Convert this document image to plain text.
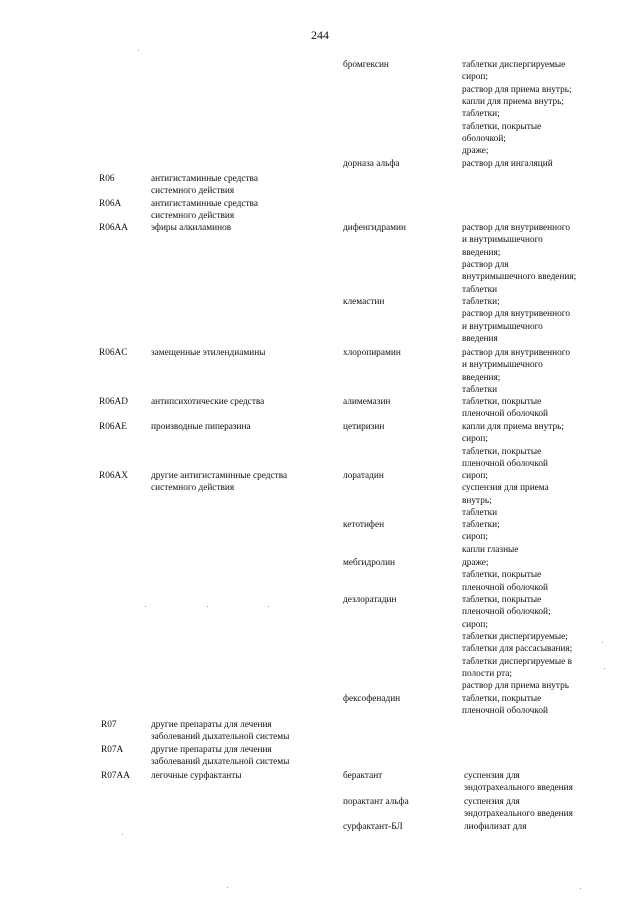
244
бромгексин	таблетки диспергируемые
сироп;
раствор для приема внутрь;
капли для приема внутрь;
таблетки;
таблетки, покрытые
оболочкой;
драже;
дорназа альфа	раствор для ингаляций
R06	антигистаминные средства
системного действия
R06A	антигистаминные средства
системного действия
R06AA эфиры алкиламинов	дифенгидрамин	раствор для внутривенного
и внутримышечного
введения;
раствор для
внутримышечного введения;
таблетки
клемастин	таблетки;
раствор для внутривенного
и внутримышечного
введения
R06AC	замещенные этилендиамины	хлоропирамин	раствор для внутривенного
и внутримышечного
введения;
таблетки
R06AD антипсихотические средства	алимемазин	таблетки, покрытые
пленочной оболочкой
R06AE	производные пиперазина	цетиризин	капли для приема внутрь;
сироп;
таблетки, покрытые
пленочной оболочкой
R06AX другие антигистаминные средства
системного действия
лоратадин	сироп;
суспензия для приема
внутрь;
таблетки
кетотифен	таблетки;
сироп;
капли глазные
мебгидролин	драже;
таблетки, покрытые
пленочной оболочкой
дезлоратадин	таблетки, покрытые
пленочной оболочкой;
сироп;
таблетки диспергируемые;
таблетки для рассасывания;
таблетки диспергируемые в
полости рта;
раствор для приема внутрь
фексофенадин	таблетки, покрытые
пленочной оболочкой
R07	другие препараты для лечения
заболеваний дыхательной системы
R07A	другие препараты для лечения
заболеваний дыхательной системы
R07AA легочные сурфактанты	берактант	суспензия для
эндотрахеального введения
порактант альфа	суспензия для
эндотрахеального введения
сурфактант-БЛ	лиофилизат для
